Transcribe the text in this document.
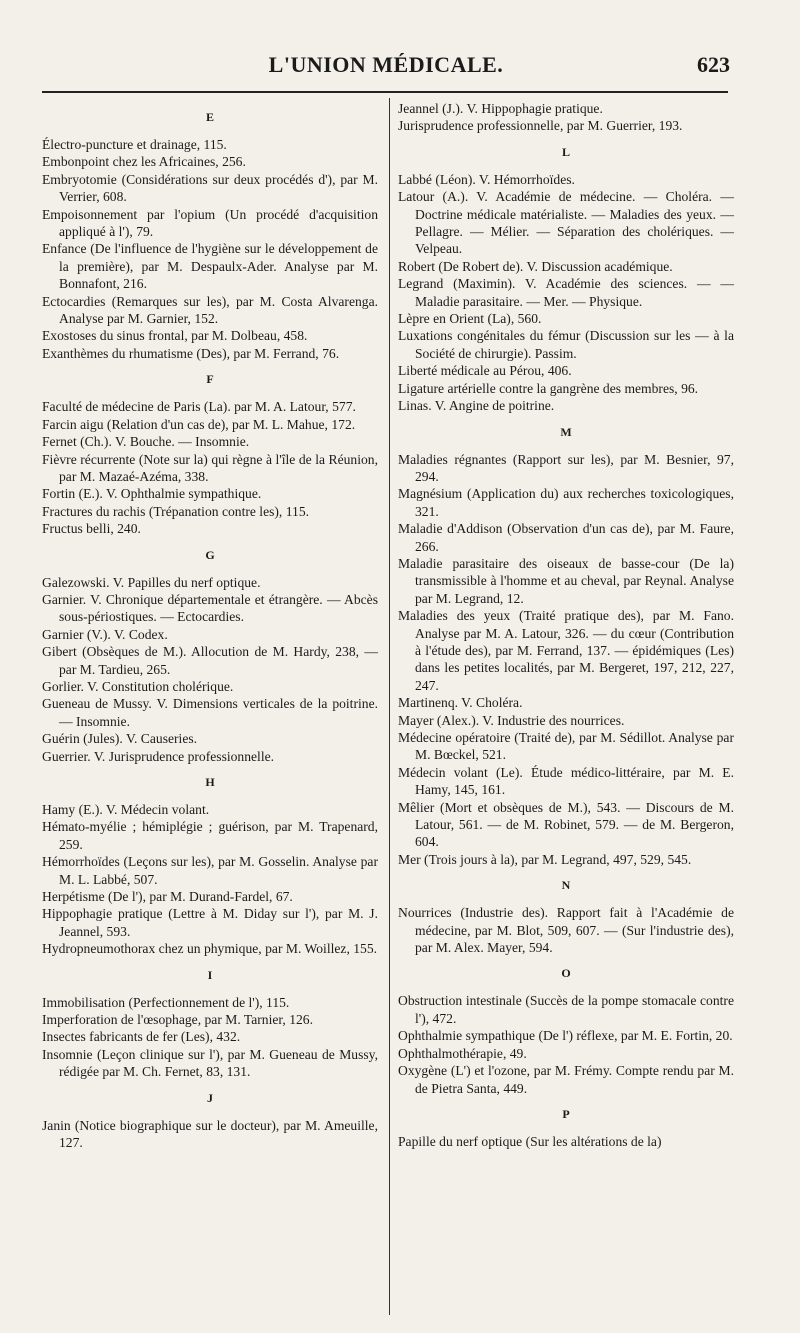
L'UNION MÉDICALE.	623
E

Électro-puncture et drainage, 115.

Embonpoint chez les Africaines, 256.

Embryotomie (Considérations sur deux procédés d'), par M. Verrier, 608.

Empoisonnement par l'opium (Un procédé d'acquisition appliqué à l'), 79.

Enfance (De l'influence de l'hygiène sur le développement de la première), par M. Despaulx-Ader. Analyse par M. Bonnafont, 216.

Ectocardies (Remarques sur les), par M. Costa Alvarenga. Analyse par M. Garnier, 152.

Exostoses du sinus frontal, par M. Dolbeau, 458.

Exanthèmes du rhumatisme (Des), par M. Ferrand, 76.

F

Faculté de médecine de Paris (La). par M. A. Latour, 577.

Farcin aigu (Relation d'un cas de), par M. L. Mahue, 172.

Fernet (Ch.). V. Bouche. — Insomnie.

Fièvre récurrente (Note sur la) qui règne à l'île de la Réunion, par M. Mazaé-Azéma, 338.

Fortin (E.). V. Ophthalmie sympathique.

Fractures du rachis (Trépanation contre les), 115.

Fructus belli, 240.

G

Galezowski. V. Papilles du nerf optique.

Garnier. V. Chronique départementale et étrangère. — Abcès sous-périostiques. — Ectocardies.

Garnier (V.). V. Codex.

Gibert (Obsèques de M.). Allocution de M. Hardy, 238, — par M. Tardieu, 265.

Gorlier. V. Constitution cholérique.

Gueneau de Mussy. V. Dimensions verticales de la poitrine. — Insomnie.

Guérin (Jules). V. Causeries.

Guerrier. V. Jurisprudence professionnelle.

H

Hamy (E.). V. Médecin volant.

Hémato-myélie ; hémiplégie ; guérison, par M. Trapenard, 259.

Hémorrhoïdes (Leçons sur les), par M. Gosselin. Analyse par M. L. Labbé, 507.

Herpétisme (De l'), par M. Durand-Fardel, 67.

Hippophagie pratique (Lettre à M. Diday sur l'), par M. J. Jeannel, 593.

Hydropneumothorax chez un phymique, par M. Woillez, 155.

I

Immobilisation (Perfectionnement de l'), 115.

Imperforation de l'œsophage, par M. Tarnier, 126.

Insectes fabricants de fer (Les), 432.

Insomnie (Leçon clinique sur l'), par M. Gueneau de Mussy, rédigée par M. Ch. Fernet, 83, 131.

J

Janin (Notice biographique sur le docteur), par M. Ameuille, 127.

Jeannel (J.). V. Hippophagie pratique.

Jurisprudence professionnelle, par M. Guerrier, 193.

L

Labbé (Léon). V. Hémorrhoïdes.

Latour (A.). V. Académie de médecine. — Choléra. — Doctrine médicale matérialiste. — Maladies des yeux. — Pellagre. — Mélier. — Séparation des cholériques. — Velpeau.

Robert (De Robert de). V. Discussion académique.

Legrand (Maximin). V. Académie des sciences. — — Maladie parasitaire. — Mer. — Physique.

Lèpre en Orient (La), 560.

Luxations congénitales du fémur (Discussion sur les — à la Société de chirurgie). Passim.

Liberté médicale au Pérou, 406.

Ligature artérielle contre la gangrène des membres, 96.

Linas. V. Angine de poitrine.

M

Maladies régnantes (Rapport sur les), par M. Besnier, 97, 294.

Magnésium (Application du) aux recherches toxicologiques, 321.

Maladie d'Addison (Observation d'un cas de), par M. Faure, 266.

Maladie parasitaire des oiseaux de basse-cour (De la) transmissible à l'homme et au cheval, par Reynal. Analyse par M. Legrand, 12.

Maladies des yeux (Traité pratique des), par M. Fano. Analyse par M. A. Latour, 326. — du cœur (Contribution à l'étude des), par M. Ferrand, 137. — épidémiques (Les) dans les petites localités, par M. Bergeret, 197, 212, 227, 247.

Martinenq. V. Choléra.

Mayer (Alex.). V. Industrie des nourrices.

Médecine opératoire (Traité de), par M. Sédillot. Analyse par M. Bœckel, 521.

Médecin volant (Le). Étude médico-littéraire, par M. E. Hamy, 145, 161.

Mêlier (Mort et obsèques de M.), 543. — Discours de M. Latour, 561. — de M. Robinet, 579. — de M. Bergeron, 604.

Mer (Trois jours à la), par M. Legrand, 497, 529, 545.

N

Nourrices (Industrie des). Rapport fait à l'Académie de médecine, par M. Blot, 509, 607. — (Sur l'industrie des), par M. Alex. Mayer, 594.

O

Obstruction intestinale (Succès de la pompe stomacale contre l'), 472.

Ophthalmie sympathique (De l') réflexe, par M. E. Fortin, 20.

Ophthalmothérapie, 49.

Oxygène (L') et l'ozone, par M. Frémy. Compte rendu par M. de Pietra Santa, 449.

P

Papille du nerf optique (Sur les altérations de la)
